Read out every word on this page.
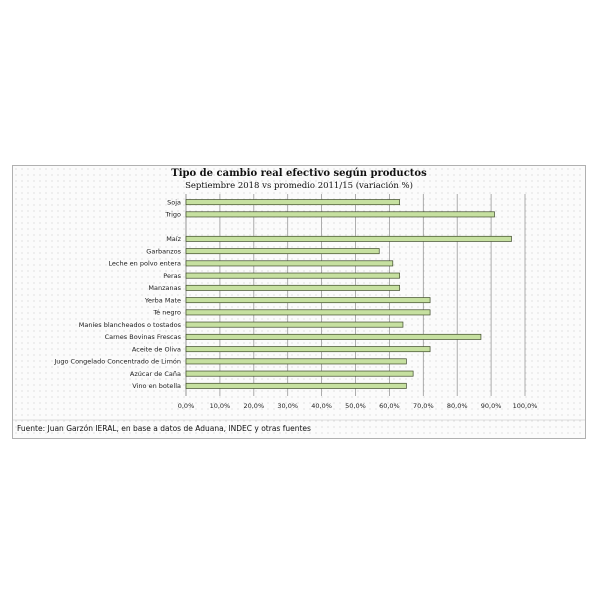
Tipo de cambio real efectivo según productos
Septiembre 2018 vs promedio 2011/15 (variación %)
Soja
Trigo
Maíz
Garbanzos
Leche en polvo entera
Peras
Manzanas
Yerba Mate
Té negro
Maníes blancheados o tostados
Carnes Bovinas Frescas
Aceite de Oliva
Jugo Congelado Concentrado de Limón
Azúcar de Caña
Vino en botella
0,0% 10,0% 20,0% 30,0% 40,0% 50,0% 60,0% 70,0% 80,0% 90,0% 100,0%
Fuente: Juan Garzón IERAL, en base a datos de Aduana, INDEC y otras fuentes
